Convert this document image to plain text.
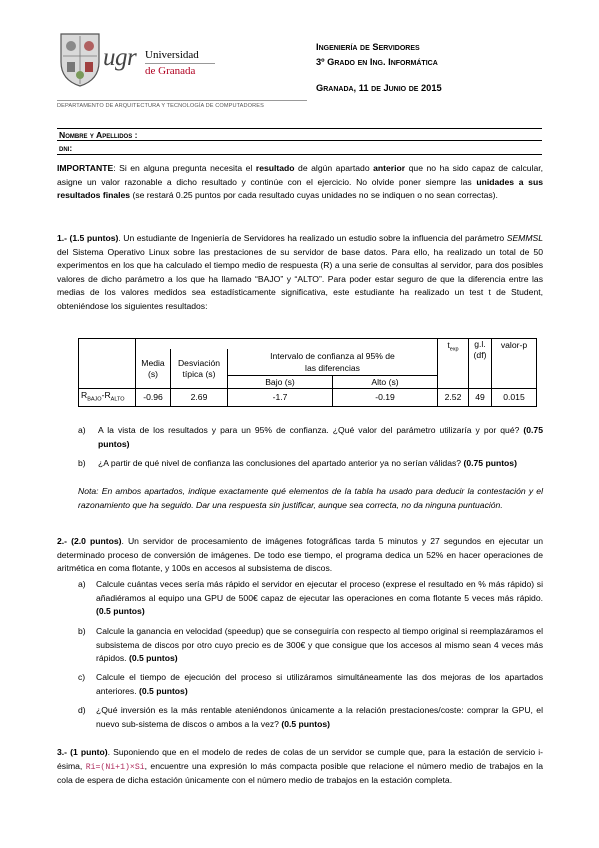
ugr Universidad
de Granada
Ingeniería de Servidores
3º Grado en Ing. Informática
Granada, 11 de Junio de 2015
DEPARTAMENTO DE ARQUITECTURA Y TECNOLOGÍA DE COMPUTADORES
Nombre y Apellidos :
dni:
IMPORTANTE: Si en alguna pregunta necesita el resultado de algún apartado anterior que no ha sido capaz de calcular, asigne un valor razonable a dicho resultado y continúe con el ejercicio. No olvide poner siempre las unidades a sus resultados finales (se restará 0.25 puntos por cada resultado cuyas unidades no se indiquen o no sean correctas).
1.- (1.5 puntos). Un estudiante de Ingeniería de Servidores ha realizado un estudio sobre la influencia del parámetro SEMMSL del Sistema Operativo Linux sobre las prestaciones de su servidor de base datos. Para ello, ha realizado un total de 50 experimentos en los que ha calculado el tiempo medio de respuesta (R) a una serie de consultas al servidor, para dos posibles valores de dicho parámetro a los que ha llamado “BAJO” y “ALTO”. Para poder estar seguro de que la diferencia entre las medias de los valores medidos sea estadísticamente significativa, este estudiante ha realizado un test t de Student, obteniéndose los siguientes resultados:
					$t_{exp}$	g.l. (df)	valor-p
	Media (s)	Desviación típica (s)	Intervalo de confianza al 95% de las diferencias				

			Bajo (s)	Alto (s)			
$R_{BAJO}-R_{ALTO}$	-0.96	2.69	-1.7	-0.19	2.52	49	0.015
a) A la vista de los resultados y para un 95% de confianza. ¿Qué valor del parámetro utilizaría y por qué? (0.75 puntos)
b) ¿A partir de qué nivel de confianza las conclusiones del apartado anterior ya no serían válidas? (0.75 puntos)
Nota: En ambos apartados, indique exactamente qué elementos de la tabla ha usado para deducir la contestación y el razonamiento que ha seguido. Dar una respuesta sin justificar, aunque sea correcta, no da ninguna puntuación.
2.- (2.0 puntos). Un servidor de procesamiento de imágenes fotográficas tarda 5 minutos y 27 segundos en ejecutar un determinado proceso de conversión de imágenes. De todo ese tiempo, el programa dedica un 52% en hacer operaciones de aritmética en coma flotante, y 100s en accesos al subsistema de discos.
a) Calcule cuántas veces sería más rápido el servidor en ejecutar el proceso (exprese el resultado en % más rápido) si añadiéramos al equipo una GPU de 500€ capaz de ejecutar las operaciones en coma flotante 5 veces más rápido. (0.5 puntos)
b) Calcule la ganancia en velocidad (speedup) que se conseguiría con respecto al tiempo original si reemplazáramos el subsistema de discos por otro cuyo precio es de 300€ y que consigue que los accesos al mismo sean 4 veces más rápidos. (0.5 puntos)
c) Calcule el tiempo de ejecución del proceso si utilizáramos simultáneamente las dos mejoras de los apartados anteriores. (0.5 puntos)
d) ¿Qué inversión es la más rentable ateniéndonos únicamente a la relación prestaciones/coste: comprar la GPU, el nuevo sub-sistema de discos o ambos a la vez? (0.5 puntos)
3.- (1 punto). Suponiendo que en el modelo de redes de colas de un servidor se cumple que, para la estación de servicio i-ésima, Ri=(Ni+1)×Si, encuentre una expresión lo más compacta posible que relacione el número medio de trabajos en la cola de espera de dicha estación únicamente con el número medio de trabajos en la estación completa.
